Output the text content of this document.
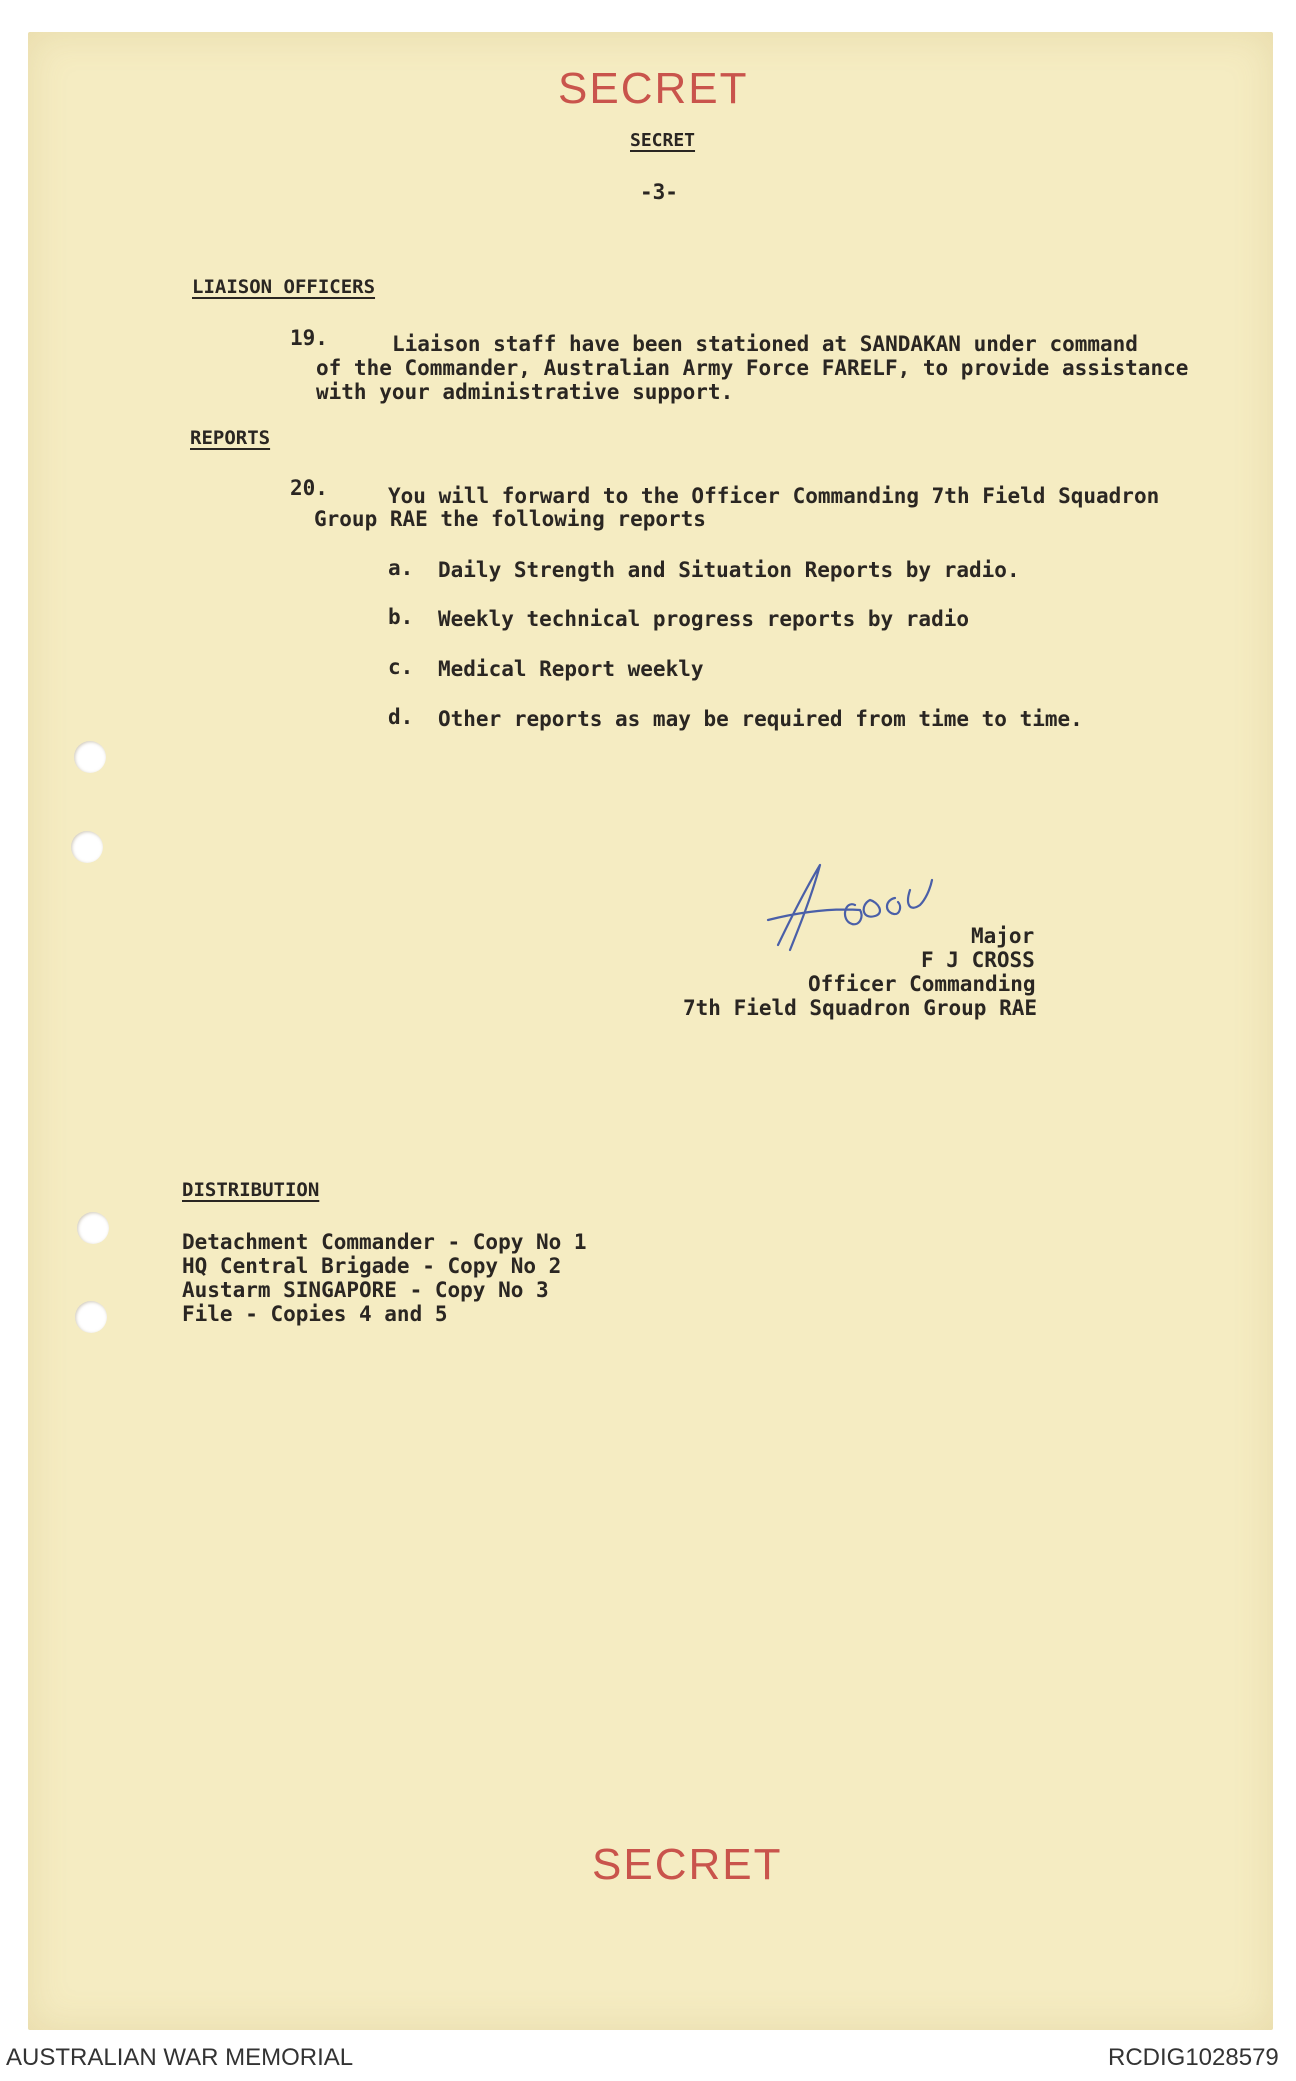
SECRET
SECRET
-3-
LIAISON OFFICERS
19.	Liaison staff have been stationed at SANDAKAN under command
of the Commander, Australian Army Force FARELF, to provide assistance
with your administrative support.
REPORTS
20.	You will forward to the Officer Commanding 7th Field Squadron
Group RAE the following reports
a. Daily Strength and Situation Reports by radio.
b. Weekly technical progress reports by radio
c. Medical Report weekly
d. Other reports as may be required from time to time.
Major
F J CROSS
Officer Commanding
7th Field Squadron Group RAE
DISTRIBUTION
Detachment Commander - Copy No 1
HQ Central Brigade - Copy No 2
Austarm SINGAPORE - Copy No 3
File - Copies 4 and 5
SECRET
AUSTRALIAN WAR MEMORIAL	RCDIG1028579
